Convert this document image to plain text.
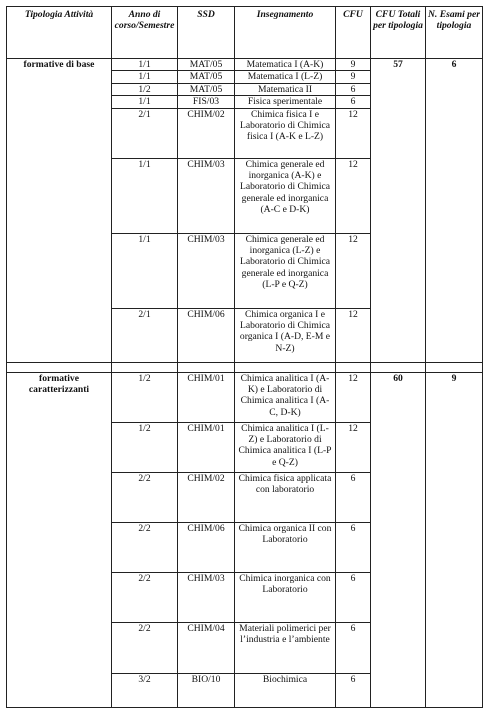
Tipologia Attività	Anno di corso/Semestre	SSD	Insegnamento	CFU	CFU Totali per tipologia	N. Esami per tipologia
formative di base	1/1	MAT/05	Matematica I (A-K)	9	57	6
	1/1	MAT/05	Matematica I (L-Z)	9		
	1/2	MAT/05	Matematica II	6		
	1/1	FIS/03	Fisica sperimentale	6		
	2/1	CHIM/02	Chimica fisica I e Laboratorio di Chimica fisica I (A-K e L-Z)	12		
	1/1	CHIM/03	Chimica generale ed inorganica (A-K) e Laboratorio di Chimica generale ed inorganica (A-C e D-K)	12		
	1/1	CHIM/03	Chimica generale ed inorganica (L-Z) e Laboratorio di Chimica generale ed inorganica (L-P e Q-Z)	12		
	2/1	CHIM/06	Chimica organica I e Laboratorio di Chimica organica I (A-D, E-M e N-Z)	12		

formative caratterizzanti	1/2	CHIM/01	Chimica analitica I (A-K) e Laboratorio di Chimica analitica I (A-C, D-K)	12	60	9
	1/2	CHIM/01	Chimica analitica I (L-Z) e Laboratorio di Chimica analitica I (L-P e Q-Z)	12		
	2/2	CHIM/02	Chimica fisica applicata con laboratorio	6		
	2/2	CHIM/06	Chimica organica II con Laboratorio	6		
	2/2	CHIM/03	Chimica inorganica con Laboratorio	6		
	2/2	CHIM/04	Materiali polimerici per l’industria e l’ambiente	6		
	3/2	BIO/10	Biochimica	6		
